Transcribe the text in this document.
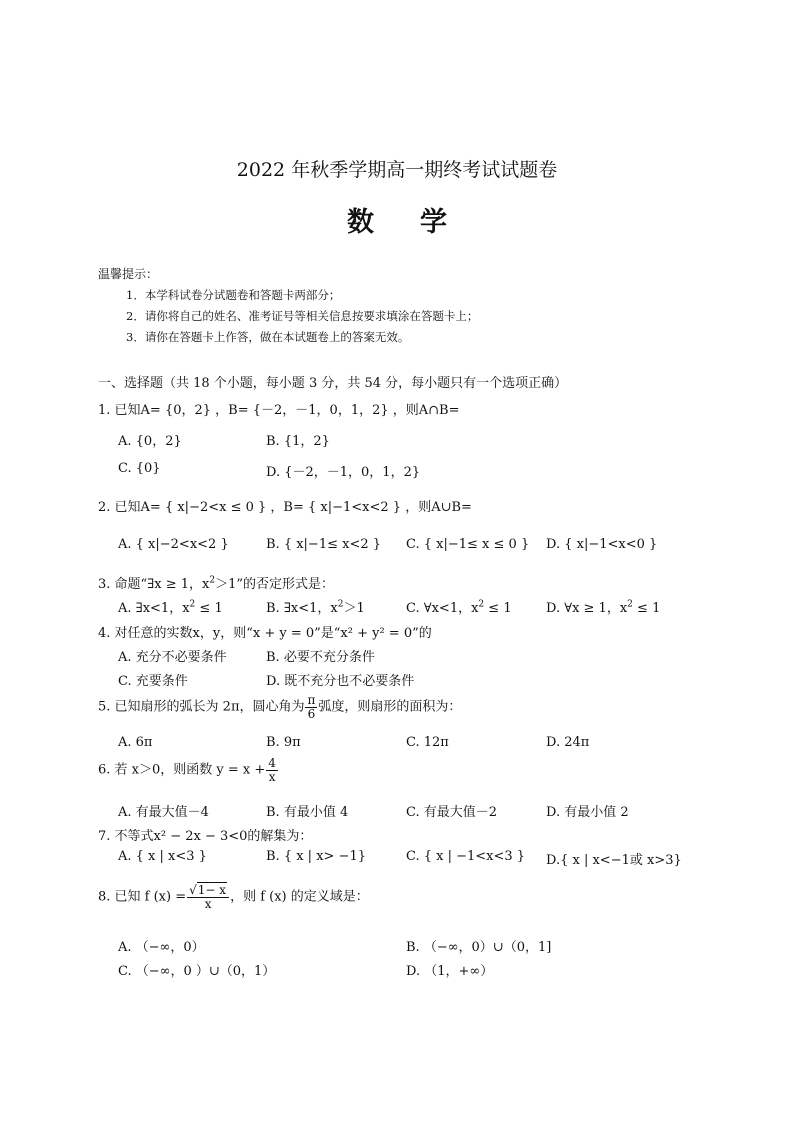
2022 年秋季学期高一期终考试试题卷
数学
温馨提示：
1．本学科试卷分试题卷和答题卡两部分；
2．请你将自己的姓名、准考证号等相关信息按要求填涂在答题卡上；
3．请你在答题卡上作答，做在本试题卷上的答案无效。
一、选择题（共 18 个小题，每小题 3 分，共 54 分，每小题只有一个选项正确）
1. 已知A= {0，2} ，B= {－2，－1，0，1，2} ，则A∩B=
A. {0，2}	B. {1，2}
C. {0}	D. {－2，－1，0，1，2}
2. 已知A= { x|−2<x ≤ 0 } ，B= { x|−1<x<2 } ，则A∪B=
A. { x|−2<x<2 }	B. { x|−1≤ x<2 } C. { x|−1≤ x ≤ 0 } D. { x|−1<x<0 }
3. 命题“∃x ≥ 1，$x^2>1$”的否定形式是：
A. ∃x<1，$x^2 \le 1$	B. ∃x<1，$x^2>1$	C. ∀x<1，$x^2 \le 1$	D. ∀x ≥ 1，$x^2 \le 1$
4. 对任意的实数x，y，则“x + y = 0”是“x² + y² = 0”的
A. 充分不必要条件	B. 必要不充分条件
C. 充要条件	D. 既不充分也不必要条件
5. 已知扇形的弧长为 2π，圆心角为 $\frac{\pi}{6}$ 弧度，则扇形的面积为：
A. 6π	B. 9π	C. 12π	D. 24π
6. 若 x＞0，则函数 $y = x + \frac{4}{x}$
A. 有最大值－4	B. 有最小值 4	C. 有最大值－2	D. 有最小值 2
7. 不等式x² − 2x − 3<0的解集为：
A. { x | x<3 }	B. { x | x> −1}	C. { x | −1<x<3 } D.{ x | x<−1或 x>3}
8. 已知 f $(x) = \frac{√1- x}{x}$ ，则 f (x) 的定义域是：
A. （−∞，0）	B. （−∞，0）∪（0，1]
C. （−∞，0 ）∪（0，1）	D. （1，+∞）
